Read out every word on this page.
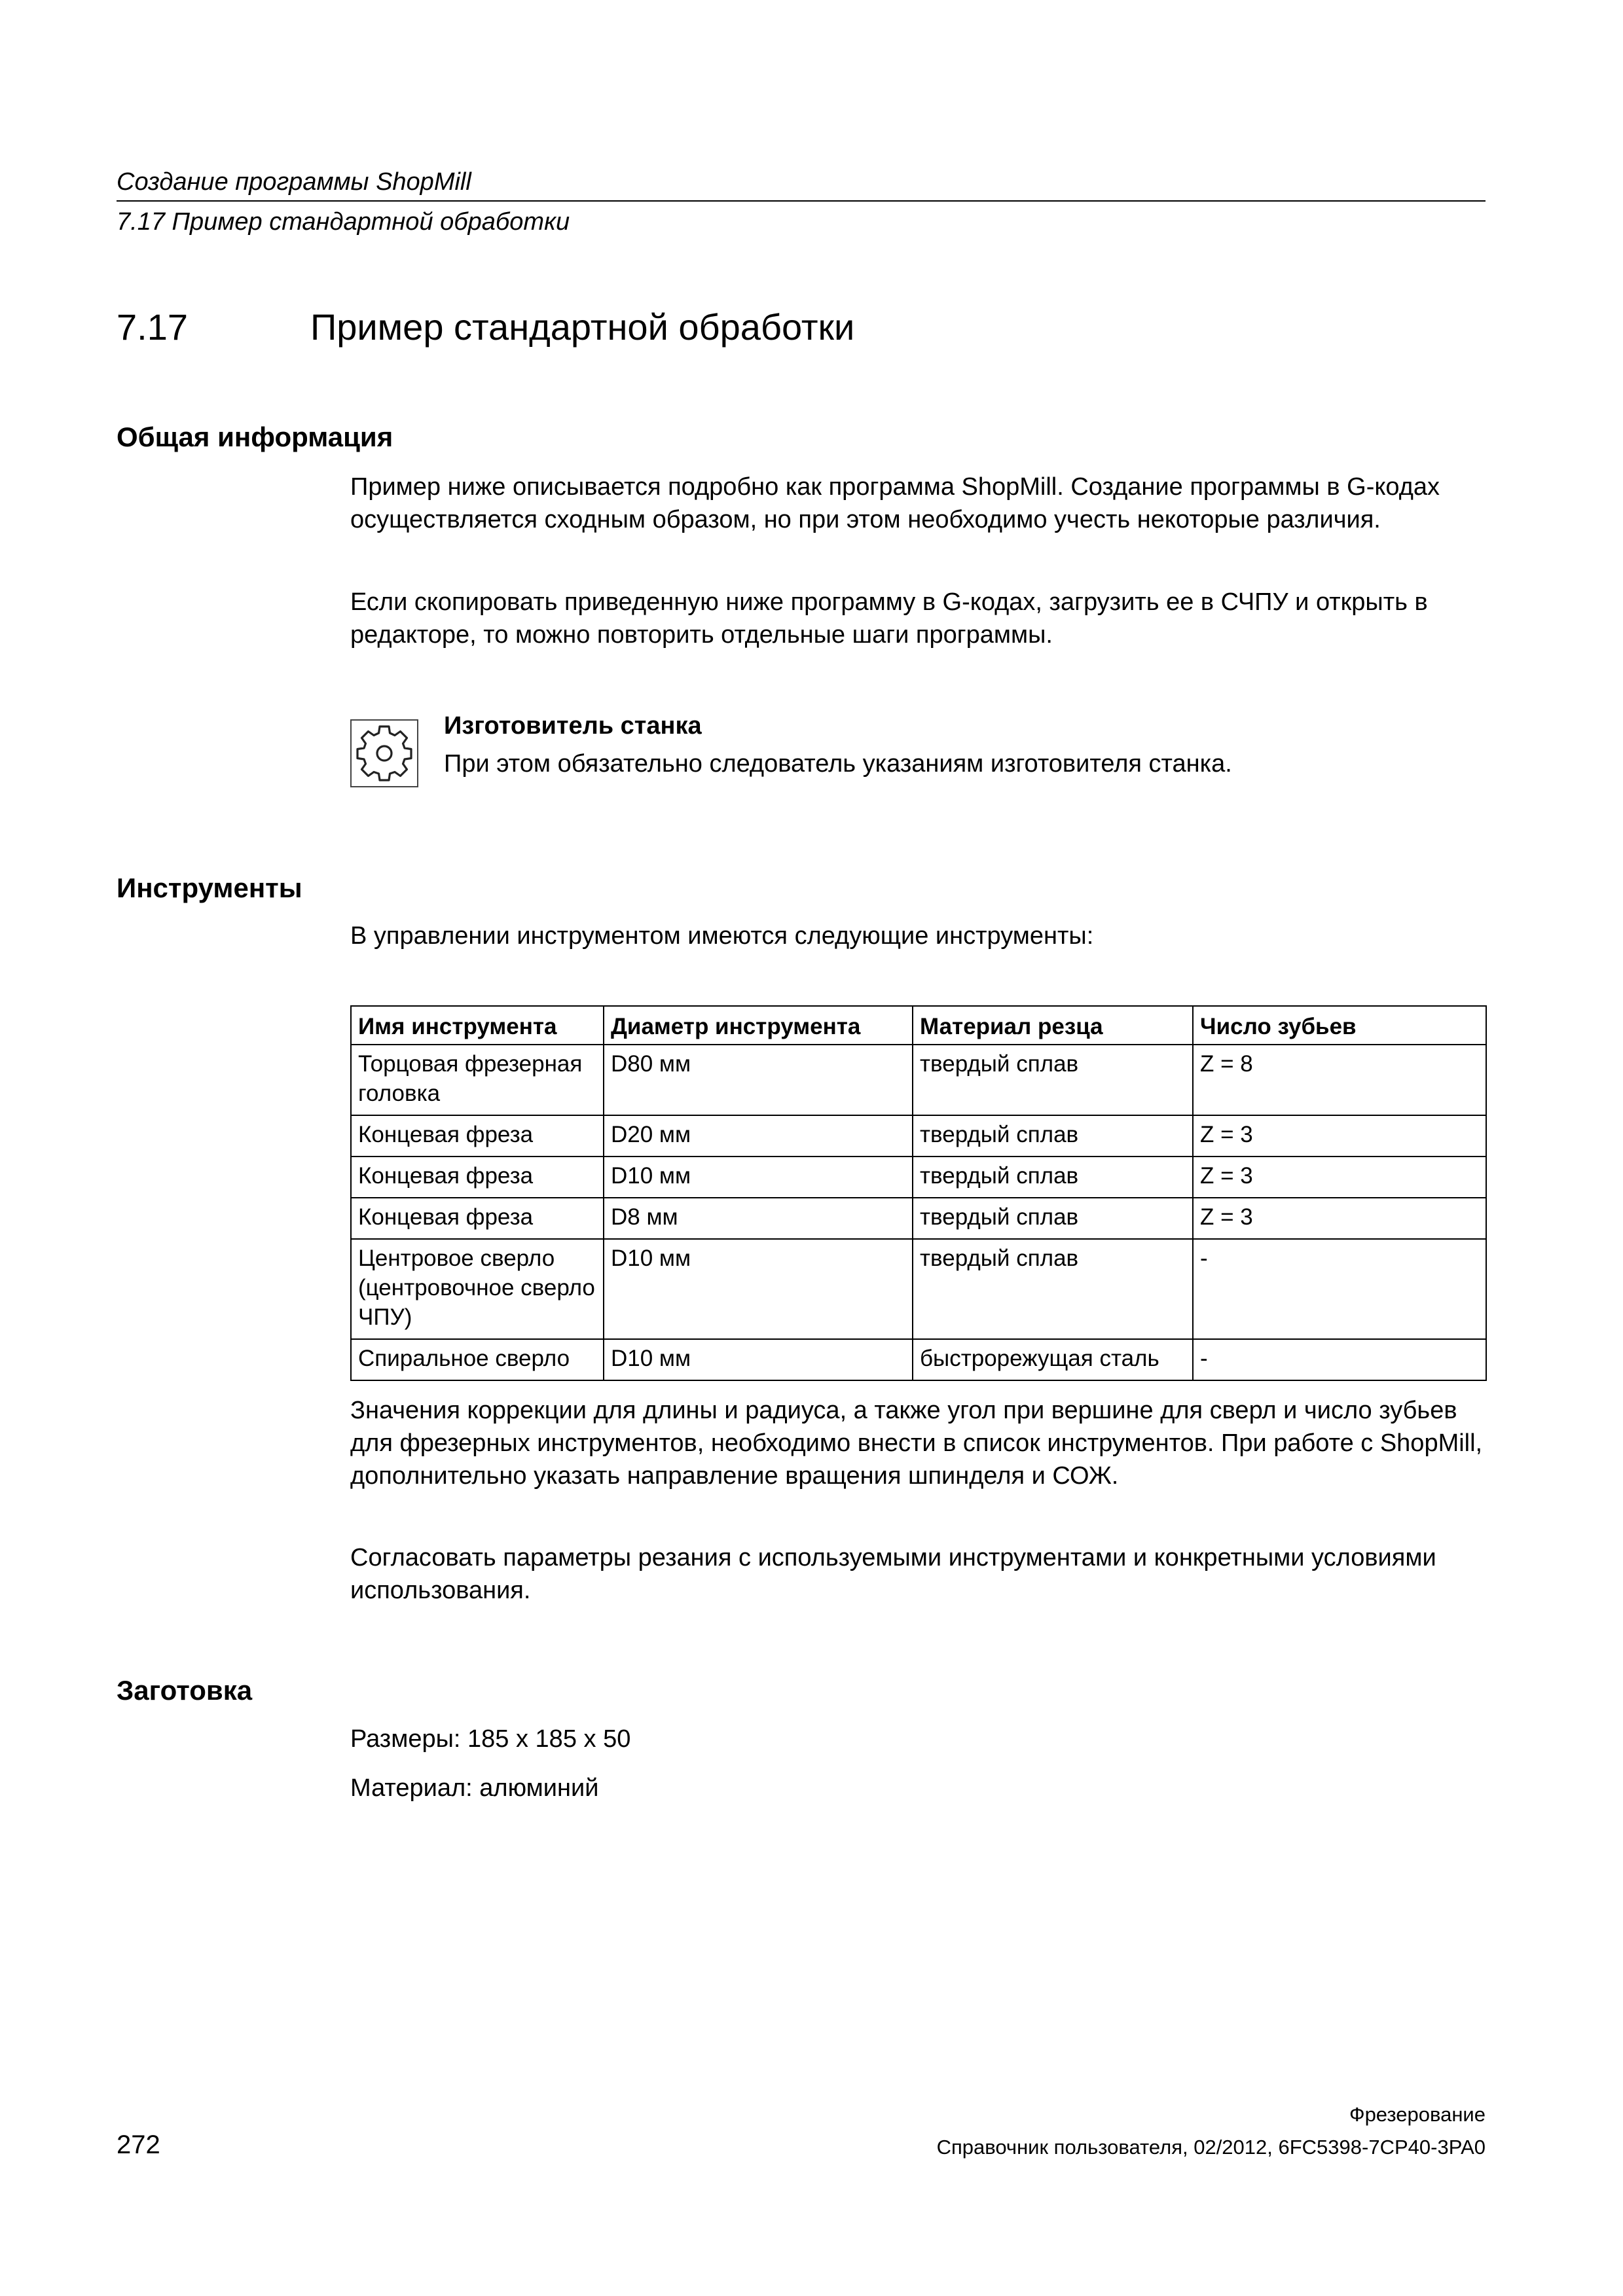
Создание программы ShopMill
7.17 Пример стандартной обработки
7.17	Пример стандартной обработки
Общая информация
Пример ниже описывается подробно как программа ShopMill. Создание программы в G-кодах осуществляется сходным образом, но при этом необходимо учесть некоторые различия.
Если скопировать приведенную ниже программу в G-кодах, загрузить ее в СЧПУ и открыть в редакторе, то можно повторить отдельные шаги программы.
Изготовитель станка
При этом обязательно следователь указаниям изготовителя станка.
Инструменты
В управлении инструментом имеются следующие инструменты:
Имя инструмента	Диаметр инструмента	Материал резца	Число зубьев
Торцовая фрезерная головка	D80 мм	твердый сплав	Z = 8
Концевая фреза	D20 мм	твердый сплав	Z = 3
Концевая фреза	D10 мм	твердый сплав	Z = 3
Концевая фреза	D8 мм	твердый сплав	Z = 3
Центровое сверло (центровочное сверло ЧПУ)	D10 мм	твердый сплав	-
Спиральное сверло	D10 мм	быстрорежущая сталь	-
Значения коррекции для длины и радиуса, а также угол при вершине для сверл и число зубьев для фрезерных инструментов, необходимо внести в список инструментов. При работе с ShopMill, дополнительно указать направление вращения шпинделя и СОЖ.
Согласовать параметры резания с используемыми инструментами и конкретными условиями использования.
Заготовка
Размеры: 185 x 185 x 50
Материал: алюминий
Фрезерование
272	Справочник пользователя, 02/2012, 6FC5398-7CP40-3PA0
